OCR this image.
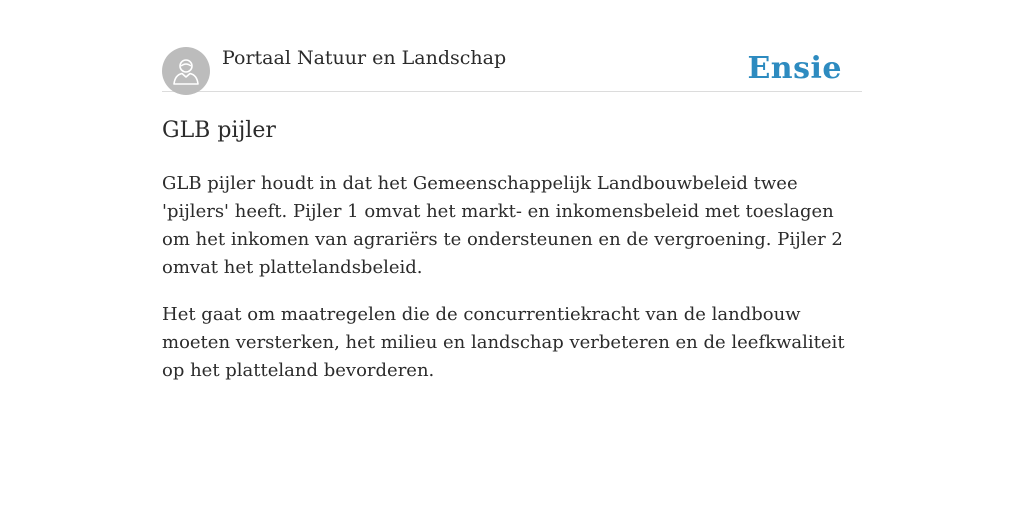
Portaal Natuur en Landschap	Ensie
GLB pijler

GLB pijler houdt in dat het Gemeenschappelijk Landbouwbeleid twee 'pijlers' heeft. Pijler 1 omvat het markt- en inkomensbeleid met toeslagen om het inkomen van agrariërs te ondersteunen en de vergroening. Pijler 2 omvat het plattelandsbeleid.

Het gaat om maatregelen die de concurrentiekracht van de landbouw moeten versterken, het milieu en landschap verbeteren en de leefkwaliteit op het platteland bevorderen.
